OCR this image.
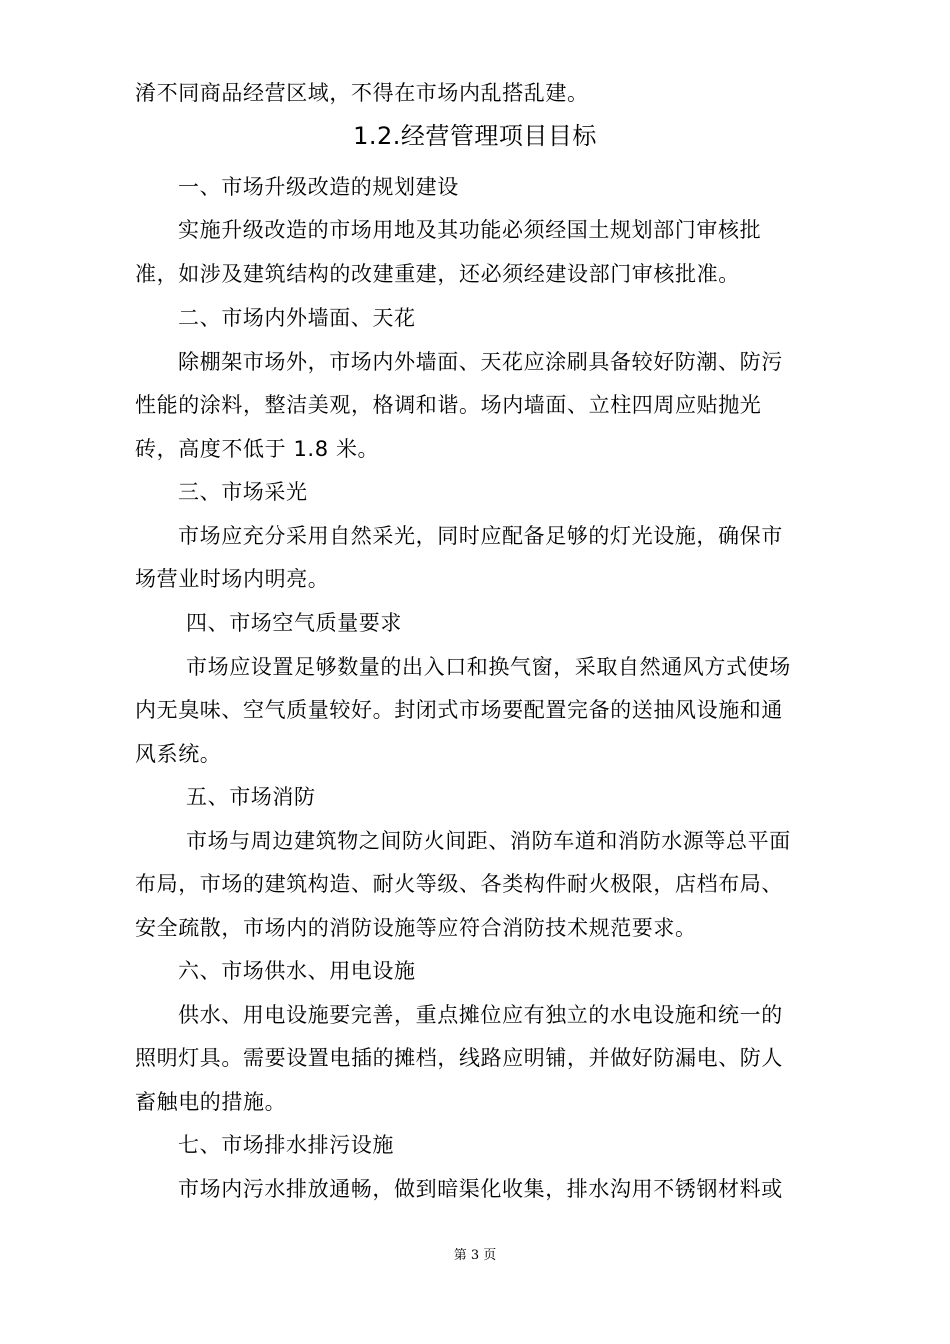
淆不同商品经营区域，不得在市场内乱搭乱建。
1.2.经营管理项目目标
一、市场升级改造的规划建设
实施升级改造的市场用地及其功能必须经国土规划部门审核批
准，如涉及建筑结构的改建重建，还必须经建设部门审核批准。
二、市场内外墙面、天花
除棚架市场外，市场内外墙面、天花应涂刷具备较好防潮、防污
性能的涂料，整洁美观，格调和谐。场内墙面、立柱四周应贴抛光
砖，高度不低于 1.8 米。
三、市场采光
市场应充分采用自然采光，同时应配备足够的灯光设施，确保市
场营业时场内明亮。
四、市场空气质量要求
市场应设置足够数量的出入口和换气窗，采取自然通风方式使场
内无臭味、空气质量较好。封闭式市场要配置完备的送抽风设施和通
风系统。
五、市场消防
市场与周边建筑物之间防火间距、消防车道和消防水源等总平面
布局，市场的建筑构造、耐火等级、各类构件耐火极限，店档布局、
安全疏散，市场内的消防设施等应符合消防技术规范要求。
六、市场供水、用电设施
供水、用电设施要完善，重点摊位应有独立的水电设施和统一的
照明灯具。需要设置电插的摊档，线路应明铺，并做好防漏电、防人
畜触电的措施。
七、市场排水排污设施
市场内污水排放通畅，做到暗渠化收集，排水沟用不锈钢材料或
第 3 页
